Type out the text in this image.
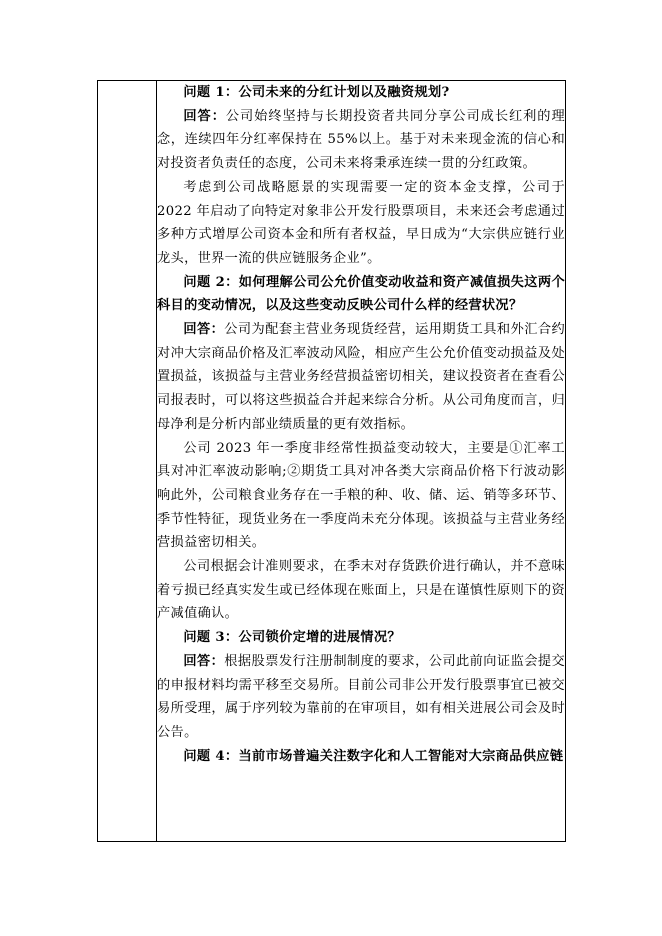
问题 1：公司未来的分红计划以及融资规划?

回答：公司始终坚持与长期投资者共同分享公司成长红利的理念，连续四年分红率保持在 55%以上。基于对未来现金流的信心和对投资者负责任的态度，公司未来将秉承连续一贯的分红政策。

考虑到公司战略愿景的实现需要一定的资本金支撑，公司于 2022 年启动了向特定对象非公开发行股票项目，未来还会考虑通过多种方式增厚公司资本金和所有者权益，早日成为“大宗供应链行业龙头，世界一流的供应链服务企业”。

问题 2：如何理解公司公允价值变动收益和资产减值损失这两个科目的变动情况，以及这些变动反映公司什么样的经营状况？

回答：公司为配套主营业务现货经营，运用期货工具和外汇合约对冲大宗商品价格及汇率波动风险，相应产生公允价值变动损益及处置损益，该损益与主营业务经营损益密切相关，建议投资者在查看公司报表时，可以将这些损益合并起来综合分析。从公司角度而言，归母净利是分析内部业绩质量的更有效指标。

公司 2023 年一季度非经常性损益变动较大，主要是①汇率工具对冲汇率波动影响;②期货工具对冲各类大宗商品价格下行波动影响此外，公司粮食业务存在一手粮的种、收、储、运、销等多环节、季节性特征，现货业务在一季度尚未充分体现。该损益与主营业务经营损益密切相关。

公司根据会计准则要求，在季末对存货跌价进行确认，并不意味着亏损已经真实发生或已经体现在账面上，只是在谨慎性原则下的资产减值确认。

问题 3：公司锁价定增的进展情况？

回答：根据股票发行注册制制度的要求，公司此前向证监会提交的申报材料均需平移至交易所。目前公司非公开发行股票事宜已被交易所受理，属于序列较为靠前的在审项目，如有相关进展公司会及时公告。

问题 4：当前市场普遍关注数字化和人工智能对大宗商品供应链
